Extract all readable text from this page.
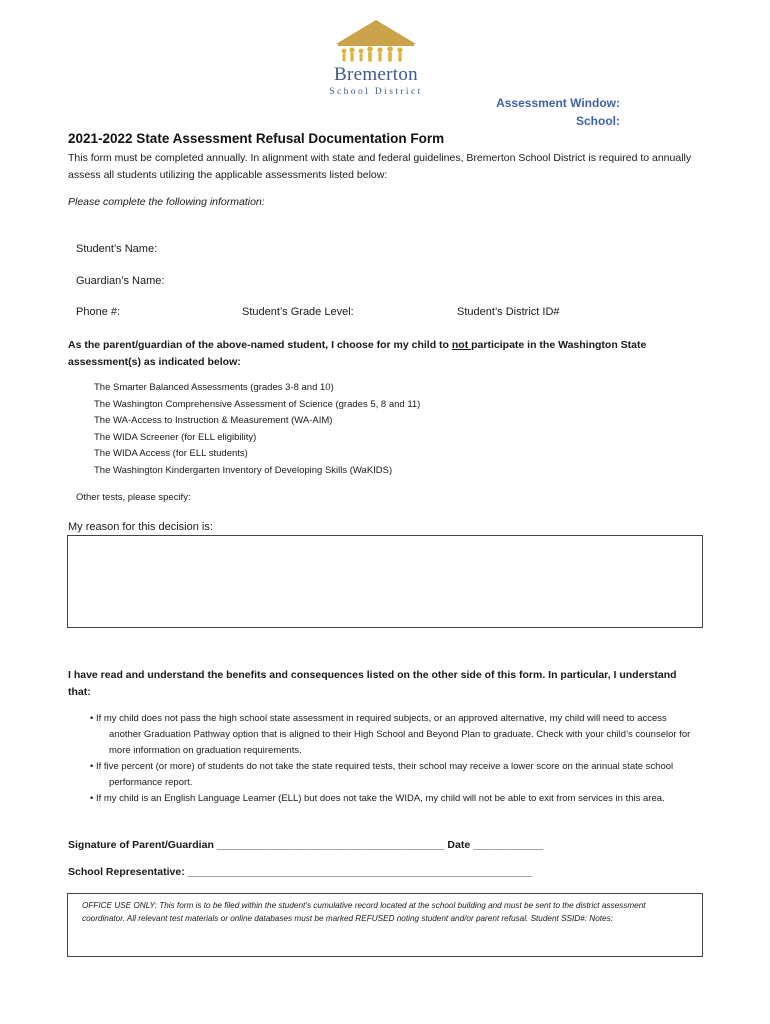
Bremerton
School District
Assessment Window:
School:
2021-2022 State Assessment Refusal Documentation Form
This form must be completed annually. In alignment with state and federal guidelines, Bremerton School District is required to annually assess all students utilizing the applicable assessments listed below:
Please complete the following information:
Student’s Name:
Guardian’s Name:
Phone #:	Student’s Grade Level:	Student’s District ID#
As the parent/guardian of the above-named student, I choose for my child to not participate in the Washington State assessment(s) as indicated below:
The Smarter Balanced Assessments (grades 3-8 and 10)
The Washington Comprehensive Assessment of Science (grades 5, 8 and 11)
The WA-Access to Instruction & Measurement (WA-AIM)
The WIDA Screener (for ELL eligibility)
The WIDA Access (for ELL students)
The Washington Kindergarten Inventory of Developing Skills (WaKIDS)
Other tests, please specify:
My reason for this decision is:
I have read and understand the benefits and consequences listed on the other side of this form. In particular, I understand that:
• If my child does not pass the high school state assessment in required subjects, or an approved alternative, my child will need to access another Graduation Pathway option that is aligned to their High School and Beyond Plan to graduate. Check with your child’s counselor for more information on graduation requirements.
• If five percent (or more) of students do not take the state required tests, their school may receive a lower score on the annual state school performance report.
• If my child is an English Language Learner (ELL) but does not take the WIDA, my child will not be able to exit from services in this area.
Signature of Parent/Guardian _______________________________________ Date ____________
School Representative: ___________________________________________________________
OFFICE USE ONLY: This form is to be filed within the student’s cumulative record located at the school building and must be sent to the district assessment coordinator. All relevant test materials or online databases must be marked REFUSED noting student and/or parent refusal. Student SSID#: Notes:
